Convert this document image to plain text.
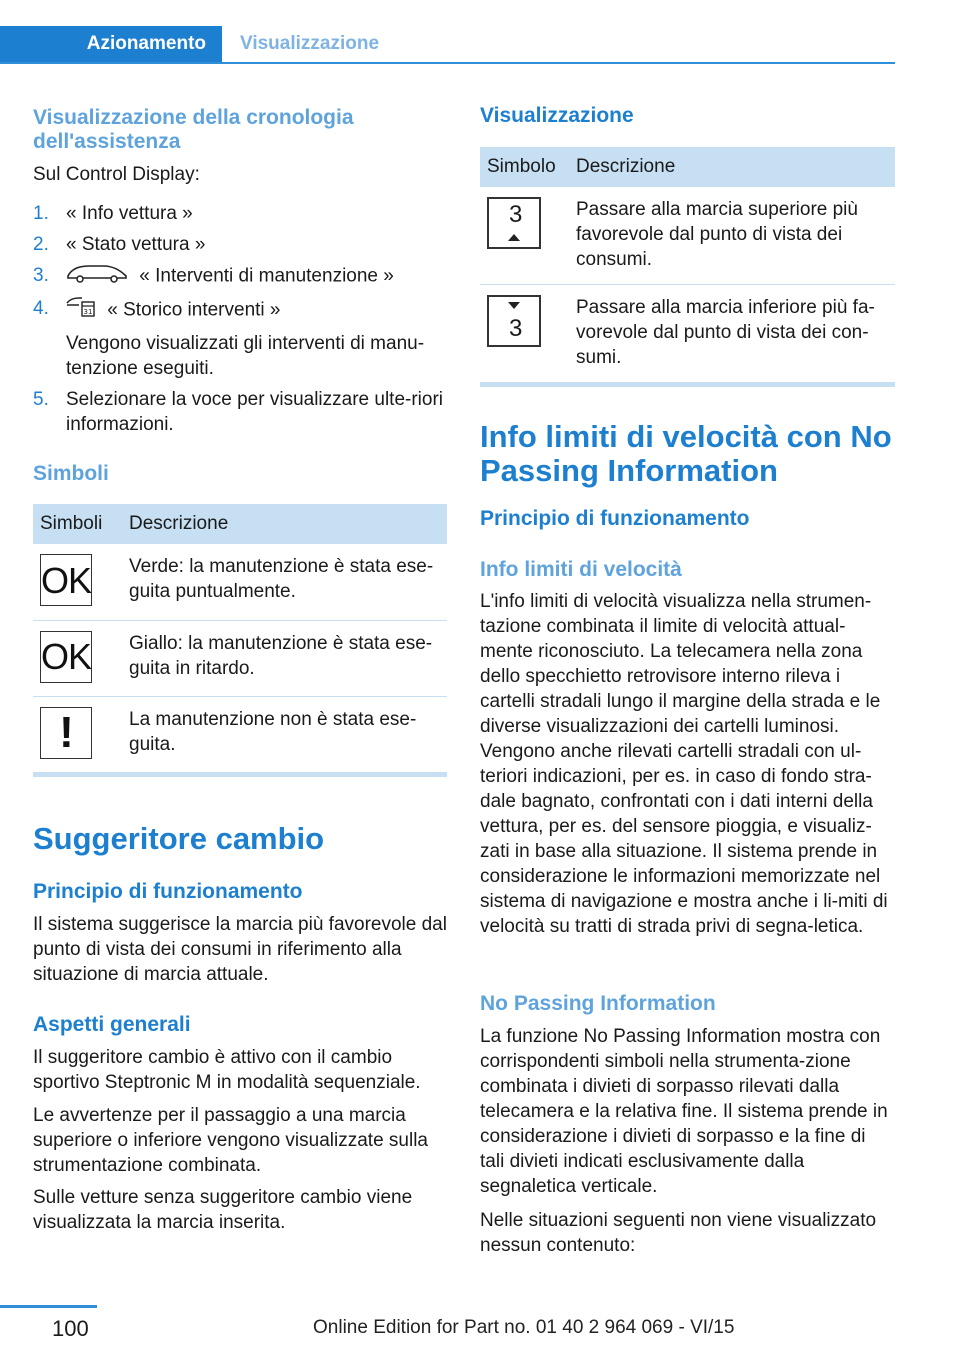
Azionamento	Visualizzazione
Visualizzazione della cronologia dell'assistenza

Sul Control Display:

1. « Info vettura »
2. « Stato vettura »
3.	« Interventi di manutenzione »
4.	31 « Storico interventi »
Vengono visualizzati gli interventi di manu-tenzione eseguiti.
5. Selezionare la voce per visualizzare ulte-riori informazioni.
Simboli
Simboli	Descrizione

OK	Verde: la manutenzione è stata ese-guita puntualmente.

OK	Giallo: la manutenzione è stata ese-guita in ritardo.

!	La manutenzione non è stata ese-guita.
Suggeritore cambio
Principio di funzionamento

Il sistema suggerisce la marcia più favorevole dal punto di vista dei consumi in riferimento alla situazione di marcia attuale.

Aspetti generali

Il suggeritore cambio è attivo con il cambio sportivo Steptronic M in modalità sequenziale.

Le avvertenze per il passaggio a una marcia superiore o inferiore vengono visualizzate sulla strumentazione combinata.

Sulle vetture senza suggeritore cambio viene visualizzata la marcia inserita.

Visualizzazione
Simbolo	Descrizione

3	Passare alla marcia superiore più favorevole dal punto di vista dei consumi.

3	Passare alla marcia inferiore più fa-vorevole dal punto di vista dei con-sumi.
Info limiti di velocità con No Passing Information
Principio di funzionamento
Info limiti di velocità

L'info limiti di velocità visualizza nella strumen-tazione combinata il limite di velocità attual-mente riconosciuto. La telecamera nella zona dello specchietto retrovisore interno rileva i cartelli stradali lungo il margine della strada e le diverse visualizzazioni dei cartelli luminosi. Vengono anche rilevati cartelli stradali con ul-teriori indicazioni, per es. in caso di fondo stra-dale bagnato, confrontati con i dati interni della vettura, per es. del sensore pioggia, e visualiz-zati in base alla situazione. Il sistema prende in considerazione le informazioni memorizzate nel sistema di navigazione e mostra anche i li-miti di velocità su tratti di strada privi di segna-letica.

No Passing Information

La funzione No Passing Information mostra con corrispondenti simboli nella strumenta-zione combinata i divieti di sorpasso rilevati dalla telecamera e la relativa fine. Il sistema prende in considerazione i divieti di sorpasso e la fine di tali divieti indicati esclusivamente dalla segnaletica verticale.

Nelle situazioni seguenti non viene visualizzato nessun contenuto:

100	Online Edition for Part no. 01 40 2 964 069 - VI/15
